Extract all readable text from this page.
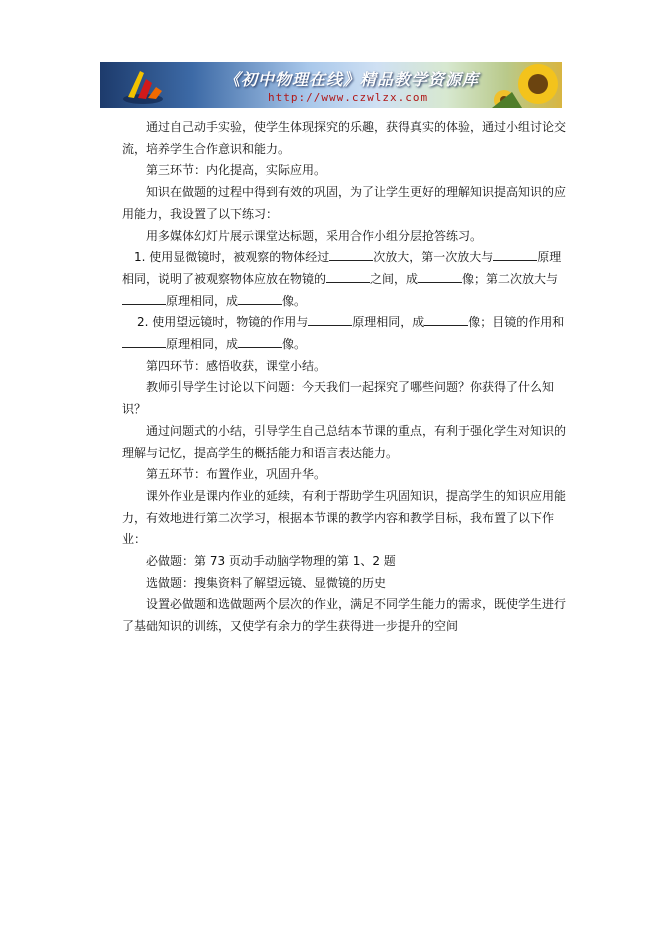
《初中物理在线》精品教学资源库
http://www.czwlzx.com

通过自己动手实验，使学生体现探究的乐趣，获得真实的体验，通过小组讨论交流，培养学生合作意识和能力。

第三环节：内化提高，实际应用。

知识在做题的过程中得到有效的巩固，为了让学生更好的理解知识提高知识的应用能力，我设置了以下练习：

用多媒体幻灯片展示课堂达标题，采用合作小组分层抢答练习。

1. 使用显微镜时，被观察的物体经过	次放大，第一次放大与	原理相同，说明了被观察物体应放在物镜的	之间，成	像；第二次放大与
原理相同，成	像。

2. 使用望远镜时，物镜的作用与	原理相同，成	像；目镜的作用和
原理相同，成	像。

第四环节：感悟收获，课堂小结。

教师引导学生讨论以下问题：今天我们一起探究了哪些问题？你获得了什么知识？

通过问题式的小结，引导学生自己总结本节课的重点，有利于强化学生对知识的理解与记忆，提高学生的概括能力和语言表达能力。

第五环节：布置作业，巩固升华。

课外作业是课内作业的延续，有利于帮助学生巩固知识，提高学生的知识应用能力，有效地进行第二次学习，根据本节课的教学内容和教学目标，我布置了以下作业：

必做题：第 73 页动手动脑学物理的第 1、2 题

选做题：搜集资料了解望远镜、显微镜的历史

设置必做题和选做题两个层次的作业，满足不同学生能力的需求，既使学生进行了基础知识的训练，又使学有余力的学生获得进一步提升的空间
